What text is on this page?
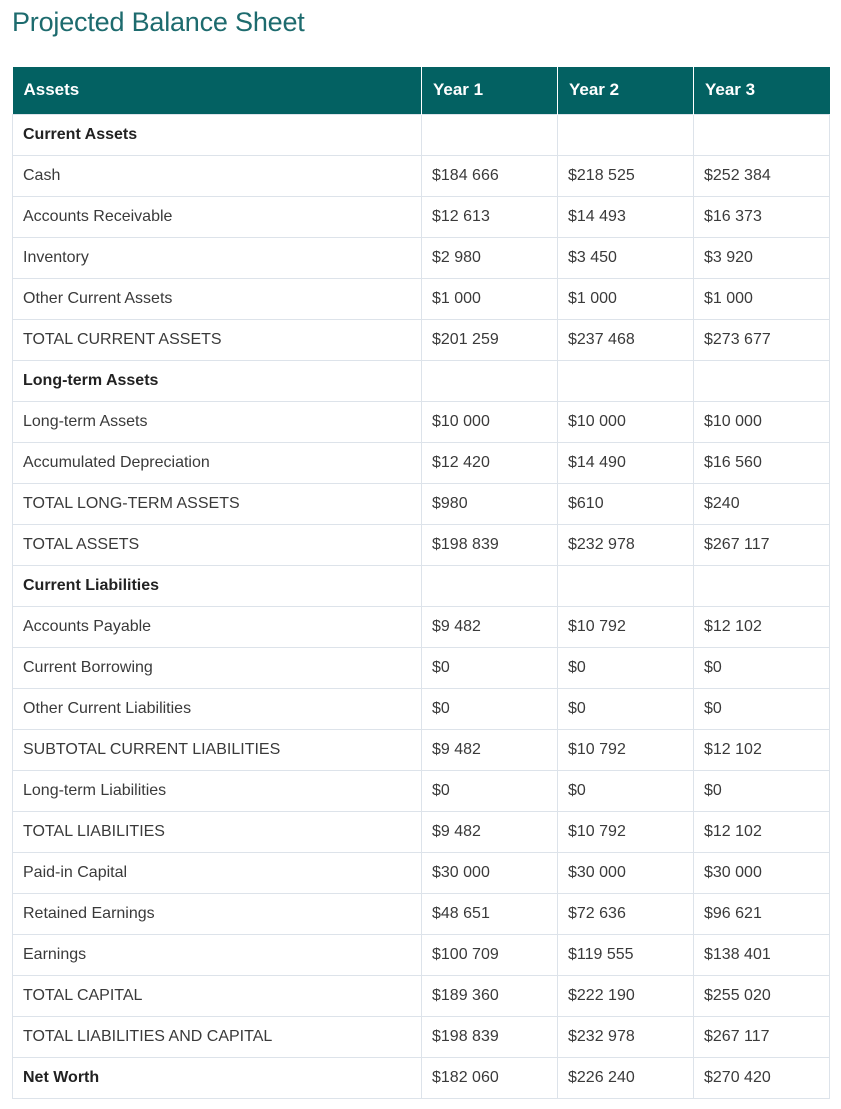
Projected Balance Sheet
Assets	Year 1	Year 2	Year 3
Current Assets			
Cash	$184 666	$218 525	$252 384
Accounts Receivable	$12 613	$14 493	$16 373
Inventory	$2 980	$3 450	$3 920
Other Current Assets	$1 000	$1 000	$1 000
TOTAL CURRENT ASSETS	$201 259	$237 468	$273 677
Long-term Assets			
Long-term Assets	$10 000	$10 000	$10 000
Accumulated Depreciation	$12 420	$14 490	$16 560
TOTAL LONG-TERM ASSETS	$980	$610	$240
TOTAL ASSETS	$198 839	$232 978	$267 117
Current Liabilities			
Accounts Payable	$9 482	$10 792	$12 102
Current Borrowing	$0	$0	$0
Other Current Liabilities	$0	$0	$0
SUBTOTAL CURRENT LIABILITIES	$9 482	$10 792	$12 102
Long-term Liabilities	$0	$0	$0
TOTAL LIABILITIES	$9 482	$10 792	$12 102
Paid-in Capital	$30 000	$30 000	$30 000
Retained Earnings	$48 651	$72 636	$96 621
Earnings	$100 709	$119 555	$138 401
TOTAL CAPITAL	$189 360	$222 190	$255 020
TOTAL LIABILITIES AND CAPITAL	$198 839	$232 978	$267 117
Net Worth	$182 060	$226 240	$270 420
